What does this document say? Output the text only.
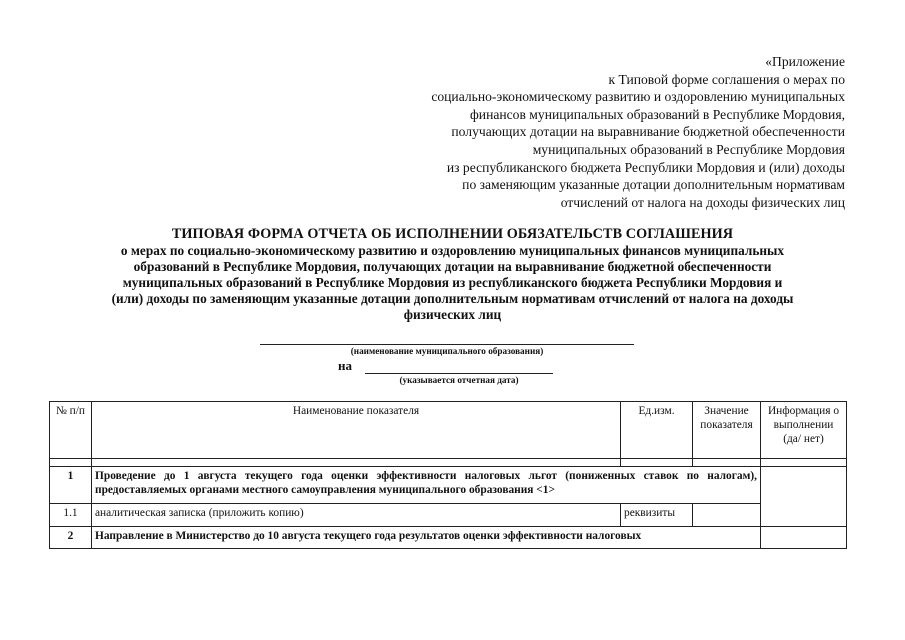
«Приложение
к Типовой форме соглашения о мерах по
социально-экономическому развитию и оздоровлению муниципальных
финансов муниципальных образований в Республике Мордовия,
получающих дотации на выравнивание бюджетной обеспеченности
муниципальных образований в Республике Мордовия
из республиканского бюджета Республики Мордовия и (или) доходы
по заменяющим указанные дотации дополнительным нормативам
отчислений от налога на доходы физических лиц
ТИПОВАЯ ФОРМА ОТЧЕТА ОБ ИСПОЛНЕНИИ ОБЯЗАТЕЛЬСТВ СОГЛАШЕНИЯ
о мерах по социально-экономическому развитию и оздоровлению муниципальных финансов муниципальных
образований в Республике Мордовия, получающих дотации на выравнивание бюджетной обеспеченности
муниципальных образований в Республике Мордовия из республиканского бюджета Республики Мордовия и
(или) доходы по заменяющим указанные дотации дополнительным нормативам отчислений от налога на доходы
физических лиц
(наименование муниципального образования)
на
(указывается отчетная дата)
№ п/п	Наименование показателя	Ед.изм.	Значение показателя	Информация о выполнении (да/ нет)

1	Проведение до 1 августа текущего года оценки эффективности налоговых льгот (пониженных ставок по налогам), предоставляемых органами местного самоуправления муниципального образования <1>			
1.1	аналитическая записка (приложить копию)	реквизиты		
2	Направление в Министерство до 10 августа текущего года результатов оценки эффективности налоговых			
